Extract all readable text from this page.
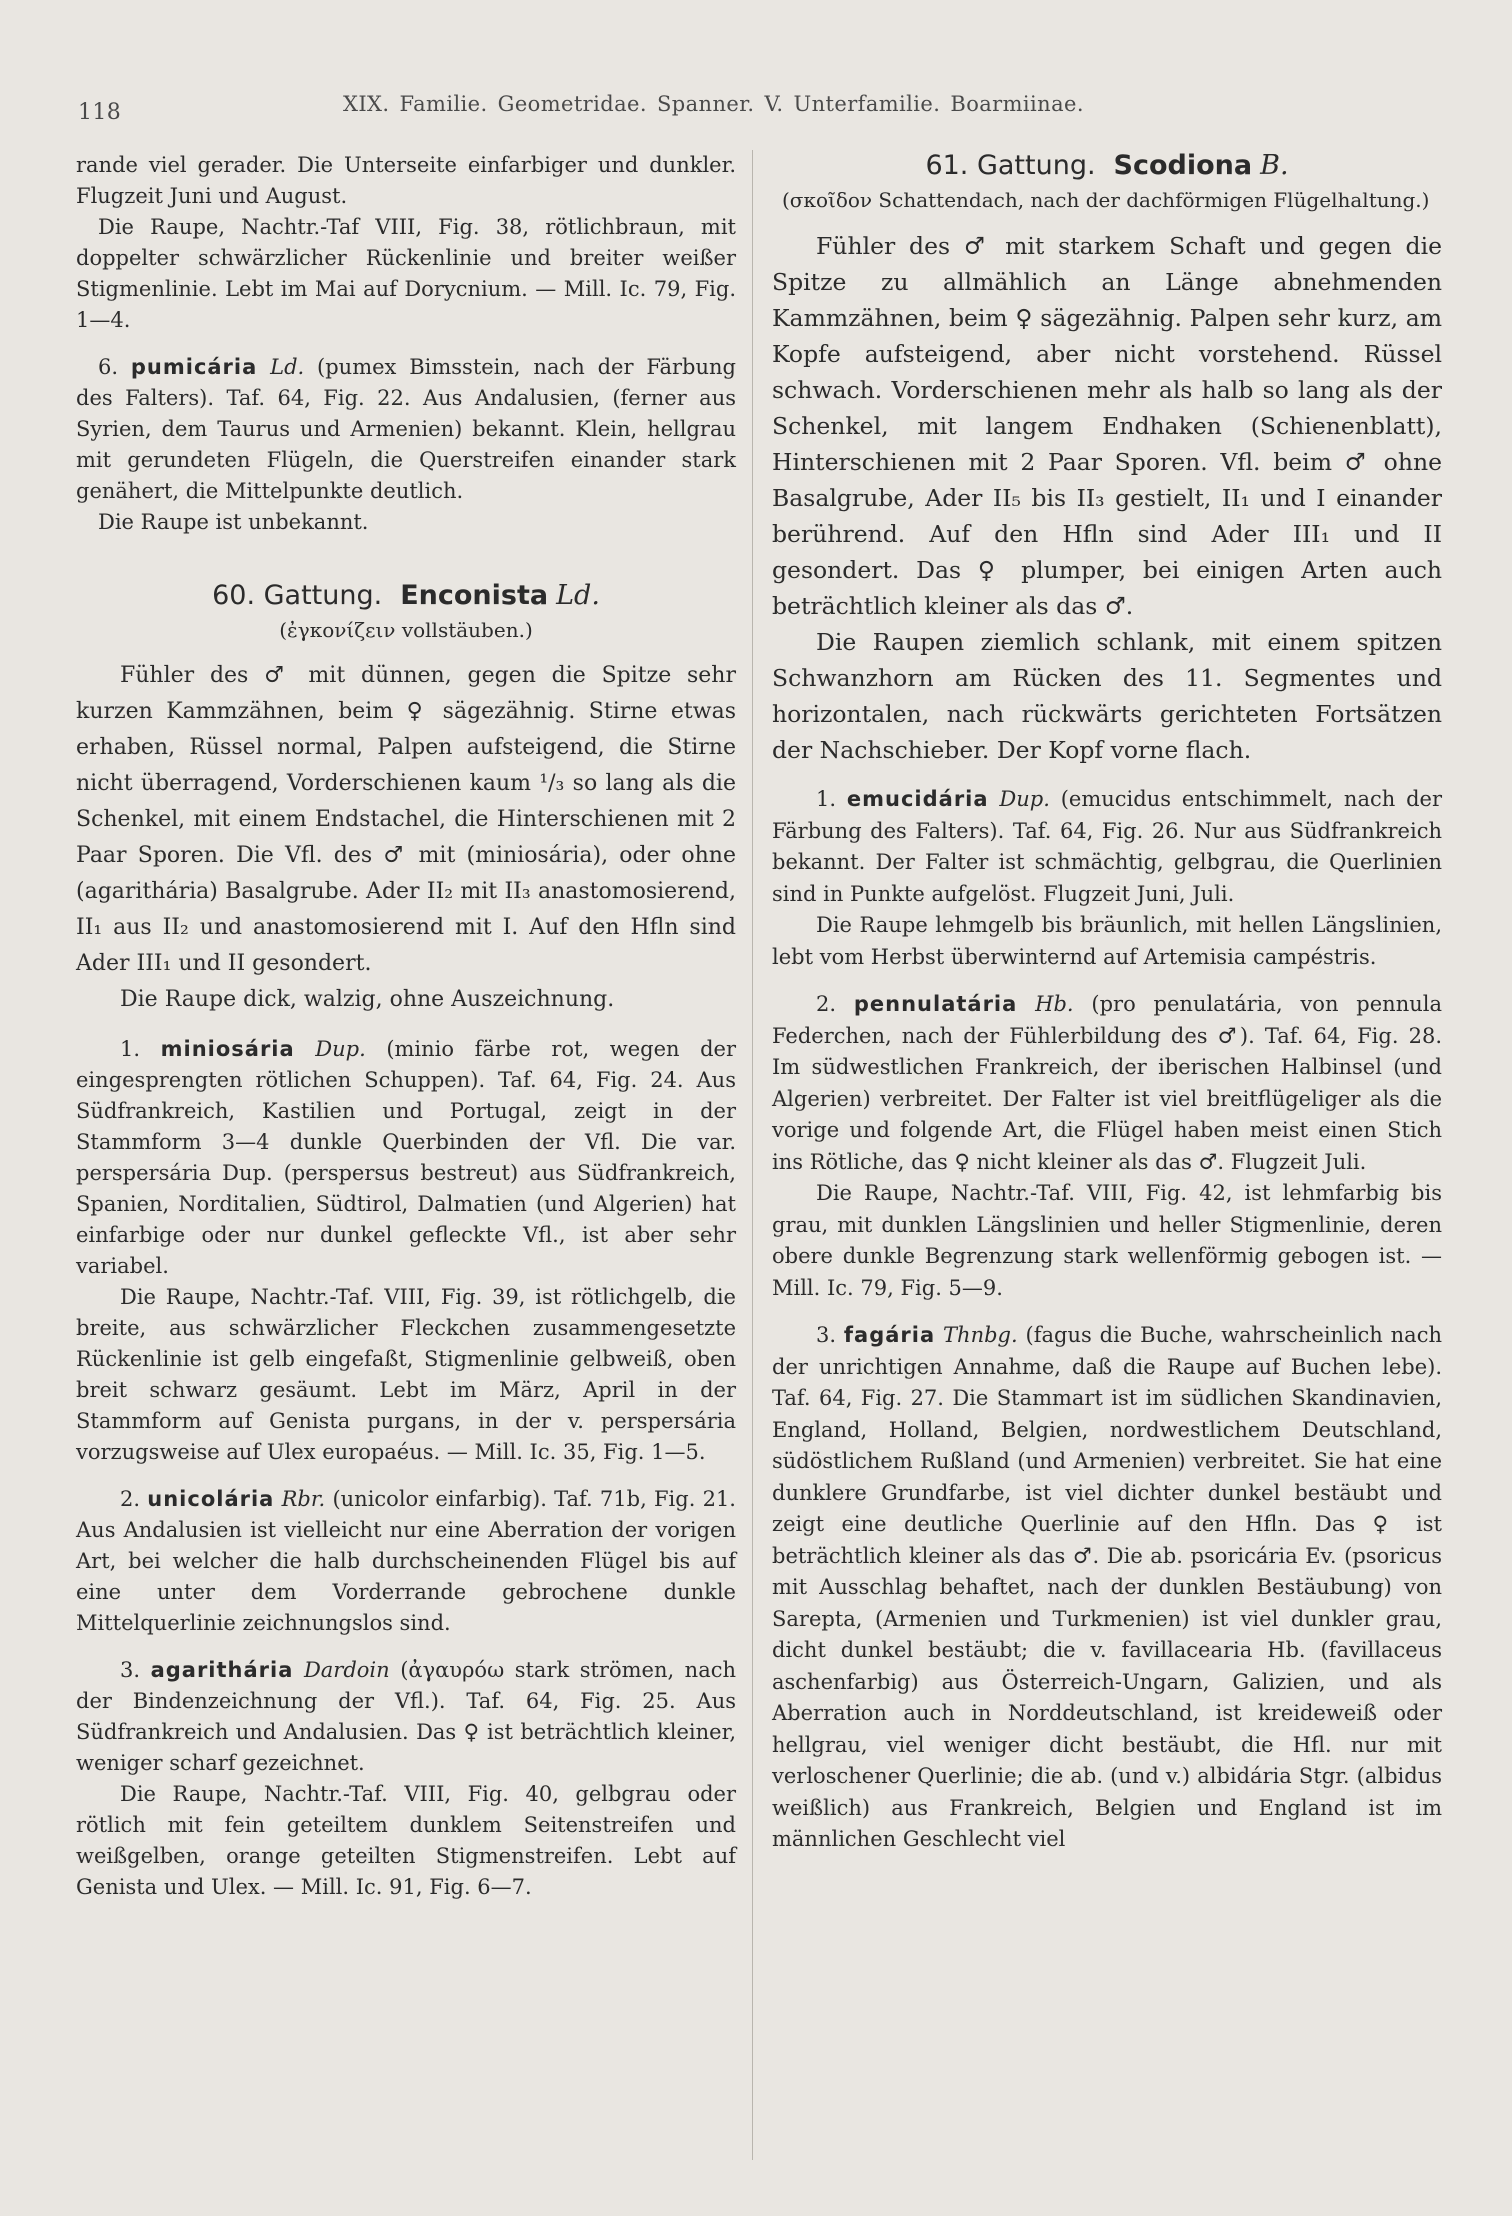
118	XIX. Familie. Geometridae. Spanner. V. Unterfamilie. Boarmiinae.

rande viel gerader. Die Unterseite einfarbiger und dunkler. Flugzeit Juni und August.

Die Raupe, Nachtr.-Taf VIII, Fig. 38, rötlichbraun, mit doppelter schwärzlicher Rückenlinie und breiter weißer Stigmenlinie. Lebt im Mai auf Dorycnium. — Mill. Ic. 79, Fig. 1—4.

6. pumicária Ld. (pumex Bimsstein, nach der Färbung des Falters). Taf. 64, Fig. 22. Aus Andalusien, (ferner aus Syrien, dem Taurus und Armenien) bekannt. Klein, hellgrau mit gerundeten Flügeln, die Querstreifen einander stark genähert, die Mittelpunkte deutlich.

Die Raupe ist unbekannt.

60. Gattung. Enconista Ld.
(ἐγκονίζειν vollstäuben.)

Fühler des ♂ mit dünnen, gegen die Spitze sehr kurzen Kammzähnen, beim ♀ sägezähnig. Stirne etwas erhaben, Rüssel normal, Palpen aufsteigend, die Stirne nicht überragend, Vorderschienen kaum ¹/₃ so lang als die Schenkel, mit einem Endstachel, die Hinterschienen mit 2 Paar Sporen. Die Vfl. des ♂ mit (miniosária), oder ohne (agarithária) Basalgrube. Ader II₂ mit II₃ anastomosierend, II₁ aus II₂ und anastomosierend mit I. Auf den Hfln sind Ader III₁ und II gesondert.

Die Raupe dick, walzig, ohne Auszeichnung.

1. miniosária Dup. (minio färbe rot, wegen der eingesprengten rötlichen Schuppen). Taf. 64, Fig. 24. Aus Südfrankreich, Kastilien und Portugal, zeigt in der Stammform 3—4 dunkle Querbinden der Vfl. Die var. perspersária Dup. (perspersus bestreut) aus Südfrankreich, Spanien, Norditalien, Südtirol, Dalmatien (und Algerien) hat einfarbige oder nur dunkel gefleckte Vfl., ist aber sehr variabel.

Die Raupe, Nachtr.-Taf. VIII, Fig. 39, ist rötlichgelb, die breite, aus schwärzlicher Fleckchen zusammengesetzte Rückenlinie ist gelb eingefaßt, Stigmenlinie gelbweiß, oben breit schwarz gesäumt. Lebt im März, April in der Stammform auf Genista purgans, in der v. perspersária vorzugsweise auf Ulex europaéus. — Mill. Ic. 35, Fig. 1—5.

2. unicolária Rbr. (unicolor einfarbig). Taf. 71b, Fig. 21. Aus Andalusien ist vielleicht nur eine Aberration der vorigen Art, bei welcher die halb durchscheinenden Flügel bis auf eine unter dem Vorderrande gebrochene dunkle Mittelquerlinie zeichnungslos sind.

3. agarithária Dardoin (ἀγαυρόω stark strömen, nach der Bindenzeichnung der Vfl.). Taf. 64, Fig. 25. Aus Südfrankreich und Andalusien. Das ♀ ist beträchtlich kleiner, weniger scharf gezeichnet.

Die Raupe, Nachtr.-Taf. VIII, Fig. 40, gelbgrau oder rötlich mit fein geteiltem dunklem Seitenstreifen und weißgelben, orange geteilten Stigmenstreifen. Lebt auf Genista und Ulex. — Mill. Ic. 91, Fig. 6—7.

61. Gattung. Scodiona B.
(σκοῖδον Schattendach, nach der dachförmigen Flügelhaltung.)

Fühler des ♂ mit starkem Schaft und gegen die Spitze zu allmählich an Länge abnehmenden Kammzähnen, beim ♀ sägezähnig. Palpen sehr kurz, am Kopfe aufsteigend, aber nicht vorstehend. Rüssel schwach. Vorderschienen mehr als halb so lang als der Schenkel, mit langem Endhaken (Schienenblatt), Hinterschienen mit 2 Paar Sporen. Vfl. beim ♂ ohne Basalgrube, Ader II₅ bis II₃ gestielt, II₁ und I einander berührend. Auf den Hfln sind Ader III₁ und II gesondert. Das ♀ plumper, bei einigen Arten auch beträchtlich kleiner als das ♂.

Die Raupen ziemlich schlank, mit einem spitzen Schwanzhorn am Rücken des 11. Segmentes und horizontalen, nach rückwärts gerichteten Fortsätzen der Nachschieber. Der Kopf vorne flach.

1. emucidária Dup. (emucidus entschimmelt, nach der Färbung des Falters). Taf. 64, Fig. 26. Nur aus Südfrankreich bekannt. Der Falter ist schmächtig, gelbgrau, die Querlinien sind in Punkte aufgelöst. Flugzeit Juni, Juli.

Die Raupe lehmgelb bis bräunlich, mit hellen Längslinien, lebt vom Herbst überwinternd auf Artemisia campéstris.

2. pennulatária Hb. (pro penulatária, von pennula Federchen, nach der Fühlerbildung des ♂). Taf. 64, Fig. 28. Im südwestlichen Frankreich, der iberischen Halbinsel (und Algerien) verbreitet. Der Falter ist viel breitflügeliger als die vorige und folgende Art, die Flügel haben meist einen Stich ins Rötliche, das ♀ nicht kleiner als das ♂. Flugzeit Juli.

Die Raupe, Nachtr.-Taf. VIII, Fig. 42, ist lehmfarbig bis grau, mit dunklen Längslinien und heller Stigmenlinie, deren obere dunkle Begrenzung stark wellenförmig gebogen ist. — Mill. Ic. 79, Fig. 5—9.

3. fagária Thnbg. (fagus die Buche, wahrscheinlich nach der unrichtigen Annahme, daß die Raupe auf Buchen lebe). Taf. 64, Fig. 27. Die Stammart ist im südlichen Skandinavien, England, Holland, Belgien, nordwestlichem Deutschland, südöstlichem Rußland (und Armenien) verbreitet. Sie hat eine dunklere Grundfarbe, ist viel dichter dunkel bestäubt und zeigt eine deutliche Querlinie auf den Hfln. Das ♀ ist beträchtlich kleiner als das ♂. Die ab. psoricária Ev. (psoricus mit Ausschlag behaftet, nach der dunklen Bestäubung) von Sarepta, (Armenien und Turkmenien) ist viel dunkler grau, dicht dunkel bestäubt; die v. favillacearia Hb. (favillaceus aschenfarbig) aus Österreich-Ungarn, Galizien, und als Aberration auch in Norddeutschland, ist kreideweiß oder hellgrau, viel weniger dicht bestäubt, die Hfl. nur mit verloschener Querlinie; die ab. (und v.) albidária Stgr. (albidus weißlich) aus Frankreich, Belgien und England ist im männlichen Geschlecht viel
